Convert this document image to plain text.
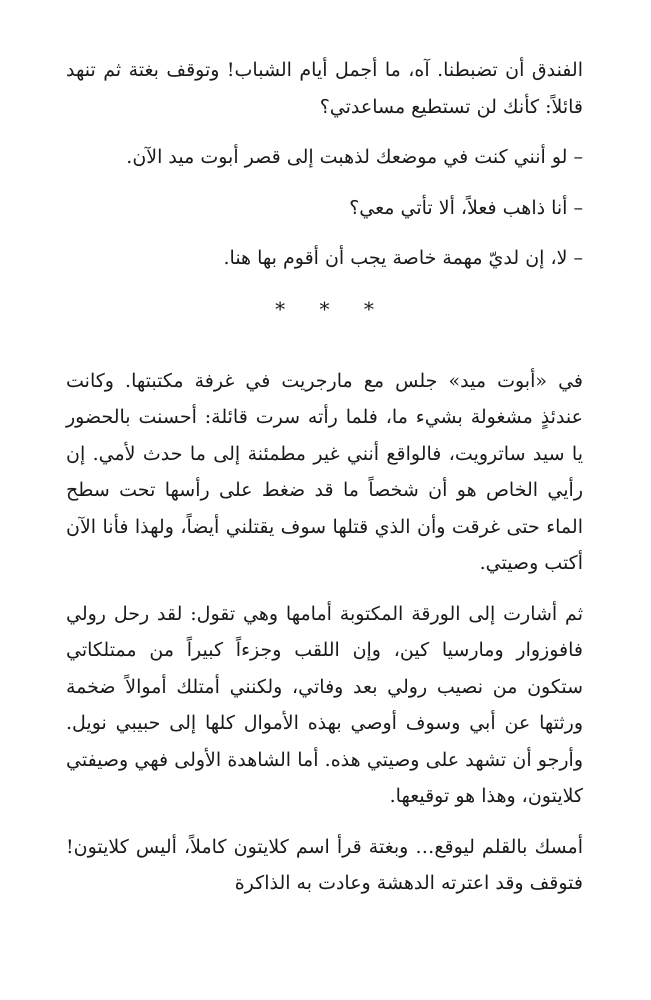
الفندق أن تضبطنا. آه، ما أجمل أيام الشباب! وتوقف بغتة ثم تنهد قائلاً: كأنك لن تستطيع مساعدتي؟

– لو أنني كنت في موضعك لذهبت إلى قصر أبوت ميد الآن.

– أنا ذاهب فعلاً، ألا تأتي معي؟

– لا، إن لديّ مهمة خاصة يجب أن أقوم بها هنا.

* * *

في «أبوت ميد» جلس مع مارجريت في غرفة مكتبتها. وكانت عندئذٍ مشغولة بشيء ما، فلما رأته سرت قائلة: أحسنت بالحضور يا سيد ساترويت، فالواقع أنني غير مطمئنة إلى ما حدث لأمي. إن رأيي الخاص هو أن شخصاً ما قد ضغط على رأسها تحت سطح الماء حتى غرقت وأن الذي قتلها سوف يقتلني أيضاً، ولهذا فأنا الآن أكتب وصيتي.

ثم أشارت إلى الورقة المكتوبة أمامها وهي تقول: لقد رحل رولي فافوزوار ومارسيا كين، وإن اللقب وجزءاً كبيراً من ممتلكاتي ستكون من نصيب رولي بعد وفاتي، ولكنني أمتلك أموالاً ضخمة ورثتها عن أبي وسوف أوصي بهذه الأموال كلها إلى حبيبي نويل. وأرجو أن تشهد على وصيتي هذه. أما الشاهدة الأولى فهي وصيفتي كلايتون، وهذا هو توقيعها.

أمسك بالقلم ليوقع… وبغتة قرأ اسم كلايتون كاملاً، أليس كلايتون! فتوقف وقد اعترته الدهشة وعادت به الذاكرة
